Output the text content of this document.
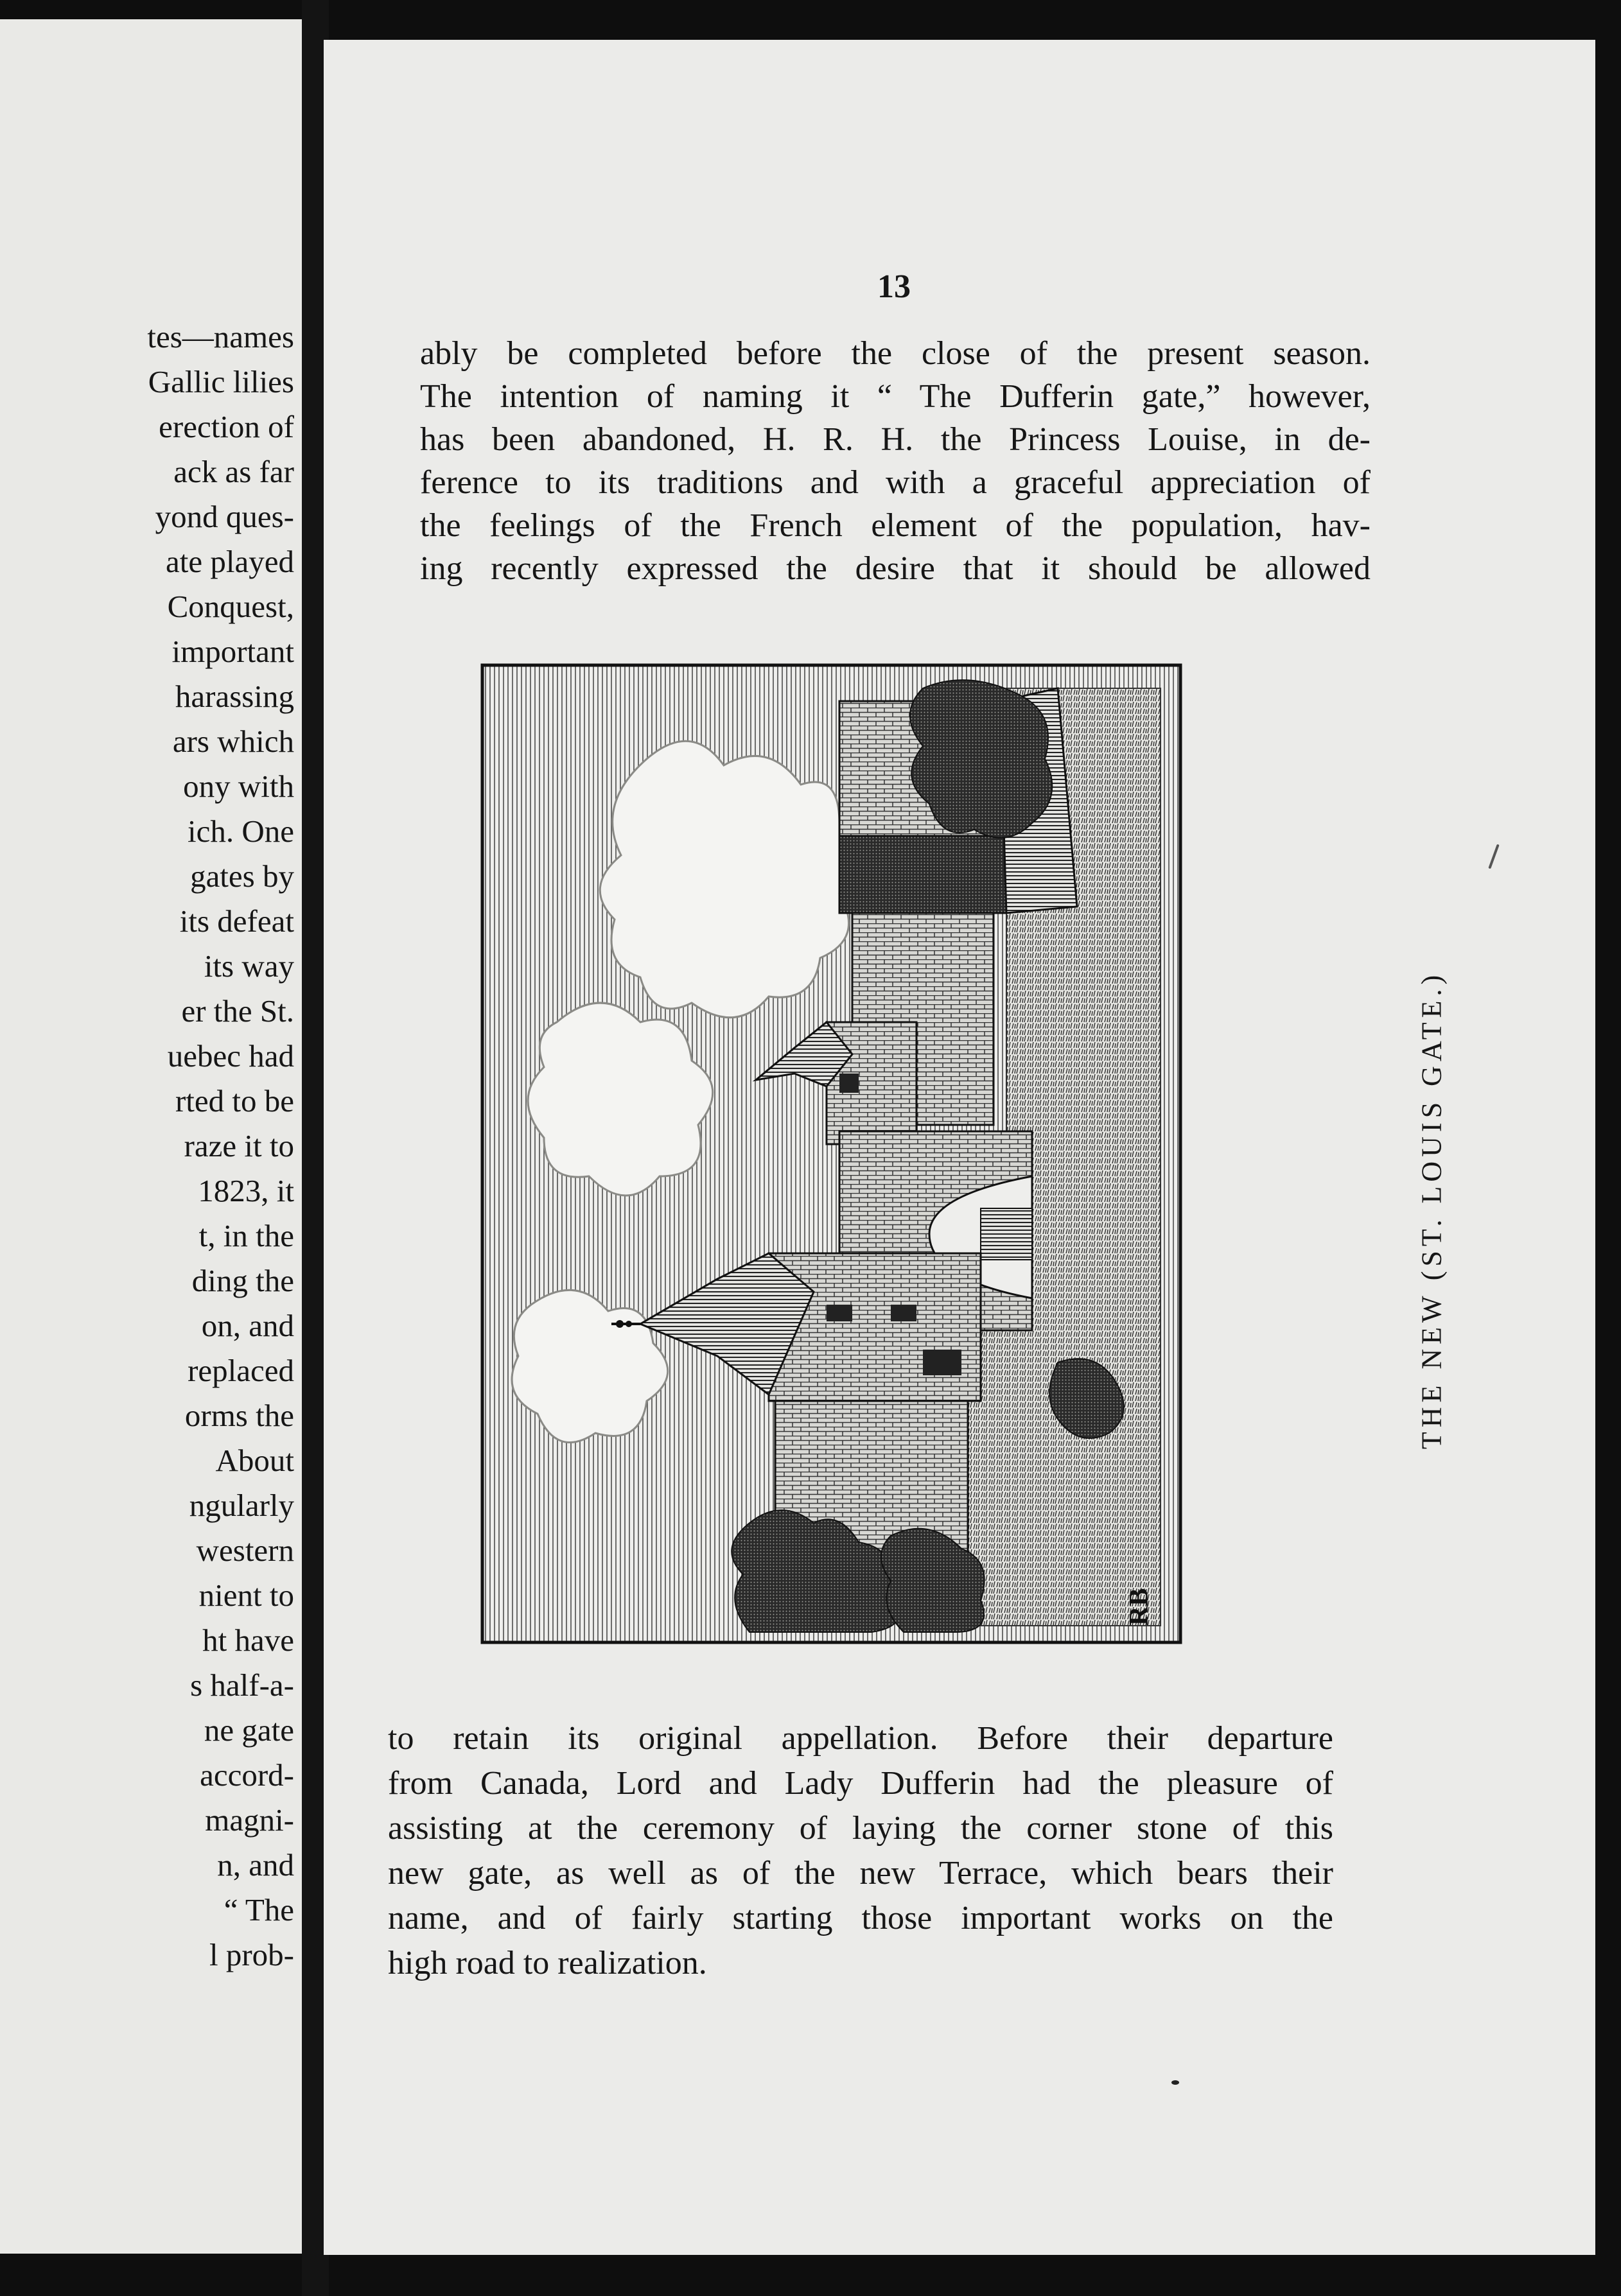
tes—names

Gallic lilies

erection of

ack as far

yond ques-

ate played

Conquest,

important

harassing

ars which

ony with

ich. One

gates by

its defeat

its way

er the St.

uebec had

rted to be

raze it to

1823, it

t, in the

ding the

on, and

replaced

orms the

About

ngularly

western

nient to

ht have

s half-a-

ne gate

accord-

magni-

n, and

“ The

l prob-

13

ably be completed before the close of the present season.

The intention of naming it “ The Dufferin gate,” however,

has been abandoned, H. R. H. the Princess Louise, in de-

ference to its traditions and with a graceful appreciation of

the feelings of the French element of the population, hav-

ing recently expressed the desire that it should be allowed

RB
THE NEW (ST. LOUIS GATE.)

to retain its original appellation. Before their departure

from Canada, Lord and Lady Dufferin had the pleasure of

assisting at the ceremony of laying the corner stone of this

new gate, as well as of the new Terrace, which bears their

name, and of fairly starting those important works on the

high road to realization.
